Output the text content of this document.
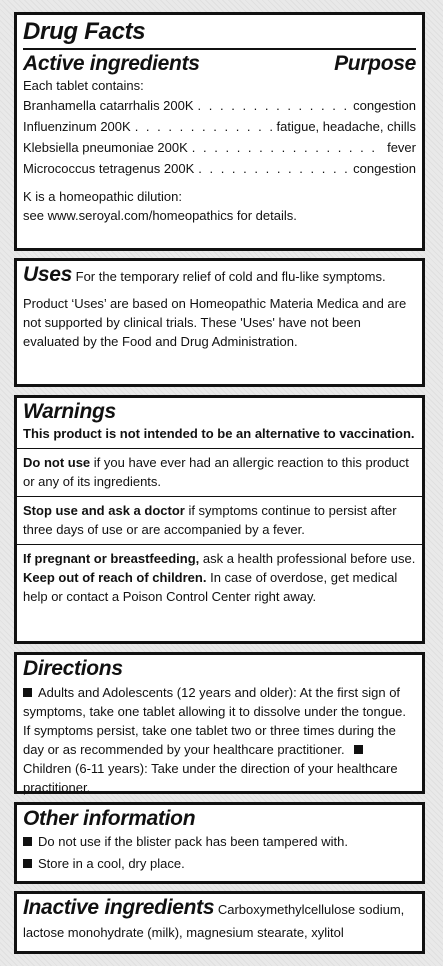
Drug Facts
Active ingredients	Purpose
Each tablet contains:
Branhamella catarrhalis 200K . . .	congestion
Influenzinum 200K . . .	fatigue, headache, chills
Klebsiella pneumoniae 200K . . .	fever
Micrococcus tetragenus 200K . . .	congestion
K is a homeopathic dilution:
see www.seroyal.com/homeopathics for details.
Uses For the temporary relief of cold and flu-like symptoms.
Product ‘Uses’ are based on Homeopathic Materia Medica and are not supported by clinical trials. These 'Uses' have not been evaluated by the Food and Drug Administration.
Warnings
This product is not intended to be an alternative to vaccination.
Do not use if you have ever had an allergic reaction to this product or any of its ingredients.
Stop use and ask a doctor if symptoms continue to persist after three days of use or are accompanied by a fever.
If pregnant or breastfeeding, ask a health professional before use. Keep out of reach of children. In case of overdose, get medical help or contact a Poison Control Center right away.
Directions
Adults and Adolescents (12 years and older): At the first sign of symptoms, take one tablet allowing it to dissolve under the tongue. If symptoms persist, take one tablet two or three times during the day or as recommended by your healthcare practitioner. Children (6-11 years): Take under the direction of your healthcare practitioner.
Other information
Do not use if the blister pack has been tampered with.
Store in a cool, dry place.
Inactive ingredients Carboxymethylcellulose sodium, lactose monohydrate (milk), magnesium stearate, xylitol
